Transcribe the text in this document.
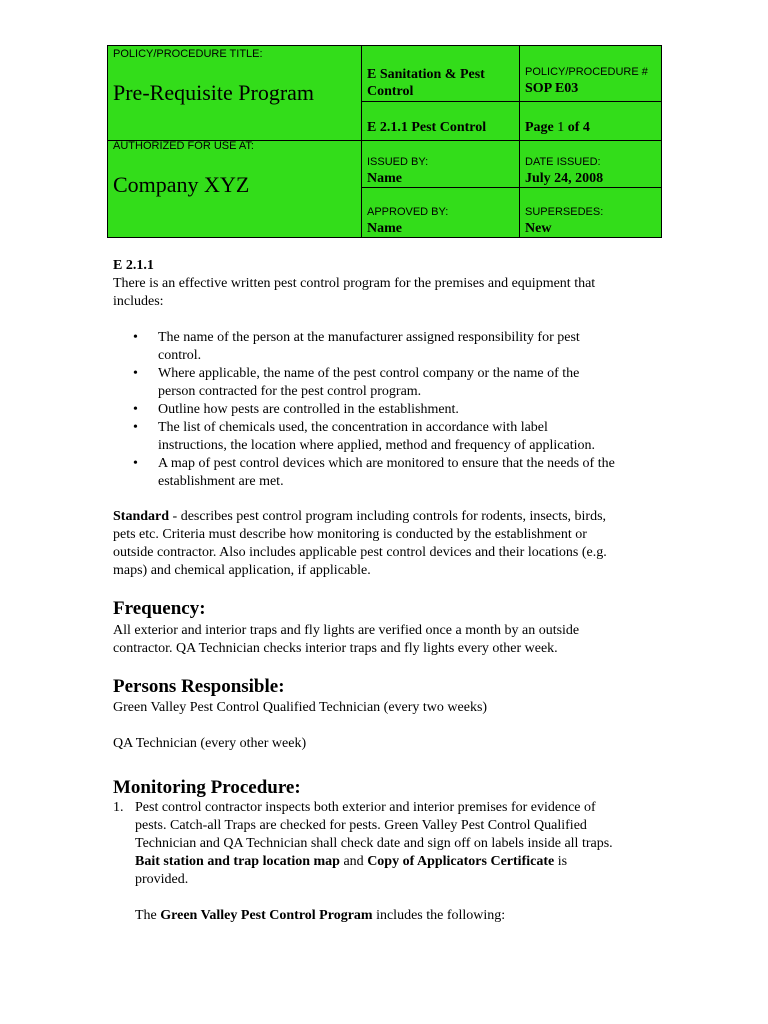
POLICY/PROCEDURE TITLE:
Pre-Requisite Program
AUTHORIZED FOR USE AT:
Company XYZ
E Sanitation & Pest
Control
E 2.1.1 Pest Control
ISSUED BY:
Name
APPROVED BY:
Name
POLICY/PROCEDURE #
SOP E03
Page 1 of 4
DATE ISSUED:
July 24, 2008
SUPERSEDES:
New
E 2.1.1
There is an effective written pest control program for the premises and equipment that
includes:
• The name of the person at the manufacturer assigned responsibility for pest
control.
• Where applicable, the name of the pest control company or the name of the
person contracted for the pest control program.
• Outline how pests are controlled in the establishment.
• The list of chemicals used, the concentration in accordance with label
instructions, the location where applied, method and frequency of application.
• A map of pest control devices which are monitored to ensure that the needs of the
establishment are met.
Standard - describes pest control program including controls for rodents, insects, birds,
pets etc. Criteria must describe how monitoring is conducted by the establishment or
outside contractor. Also includes applicable pest control devices and their locations (e.g.
maps) and chemical application, if applicable.
Frequency:
All exterior and interior traps and fly lights are verified once a month by an outside
contractor. QA Technician checks interior traps and fly lights every other week.
Persons Responsible:
Green Valley Pest Control Qualified Technician (every two weeks)
QA Technician (every other week)
Monitoring Procedure:
1. Pest control contractor inspects both exterior and interior premises for evidence of
pests. Catch-all Traps are checked for pests. Green Valley Pest Control Qualified
Technician and QA Technician shall check date and sign off on labels inside all traps.
Bait station and trap location map and Copy of Applicators Certificate is
provided.
The Green Valley Pest Control Program includes the following:
